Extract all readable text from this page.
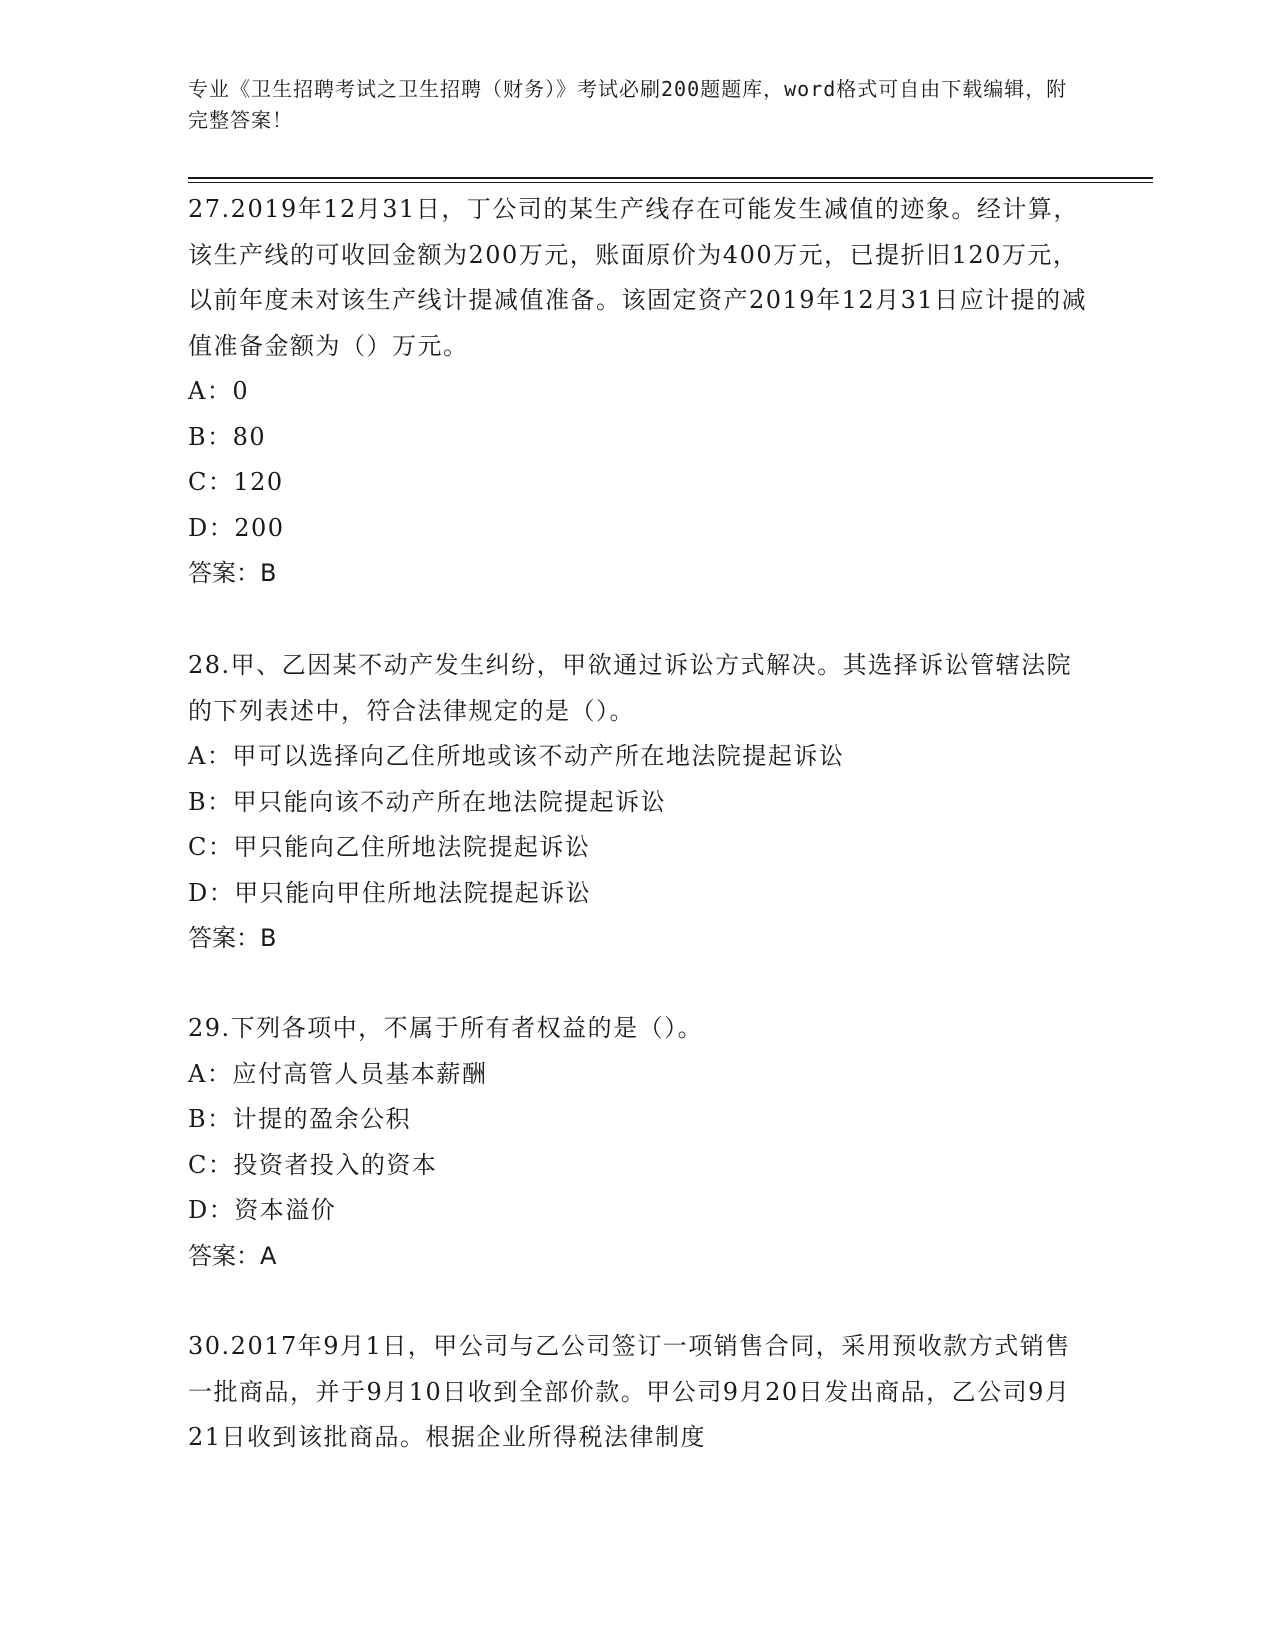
专业《卫生招聘考试之卫生招聘（财务）》考试必刷200题题库，word格式可自由下载编辑，附完整答案！
27.2019年12月31日，丁公司的某生产线存在可能发生减值的迹象。经计算，该生产线的可收回金额为200万元，账面原价为400万元，已提折旧120万元，以前年度未对该生产线计提减值准备。该固定资产2019年12月31日应计提的减值准备金额为（）万元。
A：0
B：80
C：120
D：200
答案：B
28.甲、乙因某不动产发生纠纷，甲欲通过诉讼方式解决。其选择诉讼管辖法院的下列表述中，符合法律规定的是（）。
A：甲可以选择向乙住所地或该不动产所在地法院提起诉讼
B：甲只能向该不动产所在地法院提起诉讼
C：甲只能向乙住所地法院提起诉讼
D：甲只能向甲住所地法院提起诉讼
答案：B
29.下列各项中，不属于所有者权益的是（）。
A：应付高管人员基本薪酬
B：计提的盈余公积
C：投资者投入的资本
D：资本溢价
答案：A
30.2017年9月1日，甲公司与乙公司签订一项销售合同，采用预收款方式销售一批商品，并于9月10日收到全部价款。甲公司9月20日发出商品，乙公司9月21日收到该批商品。根据企业所得税法律制度
